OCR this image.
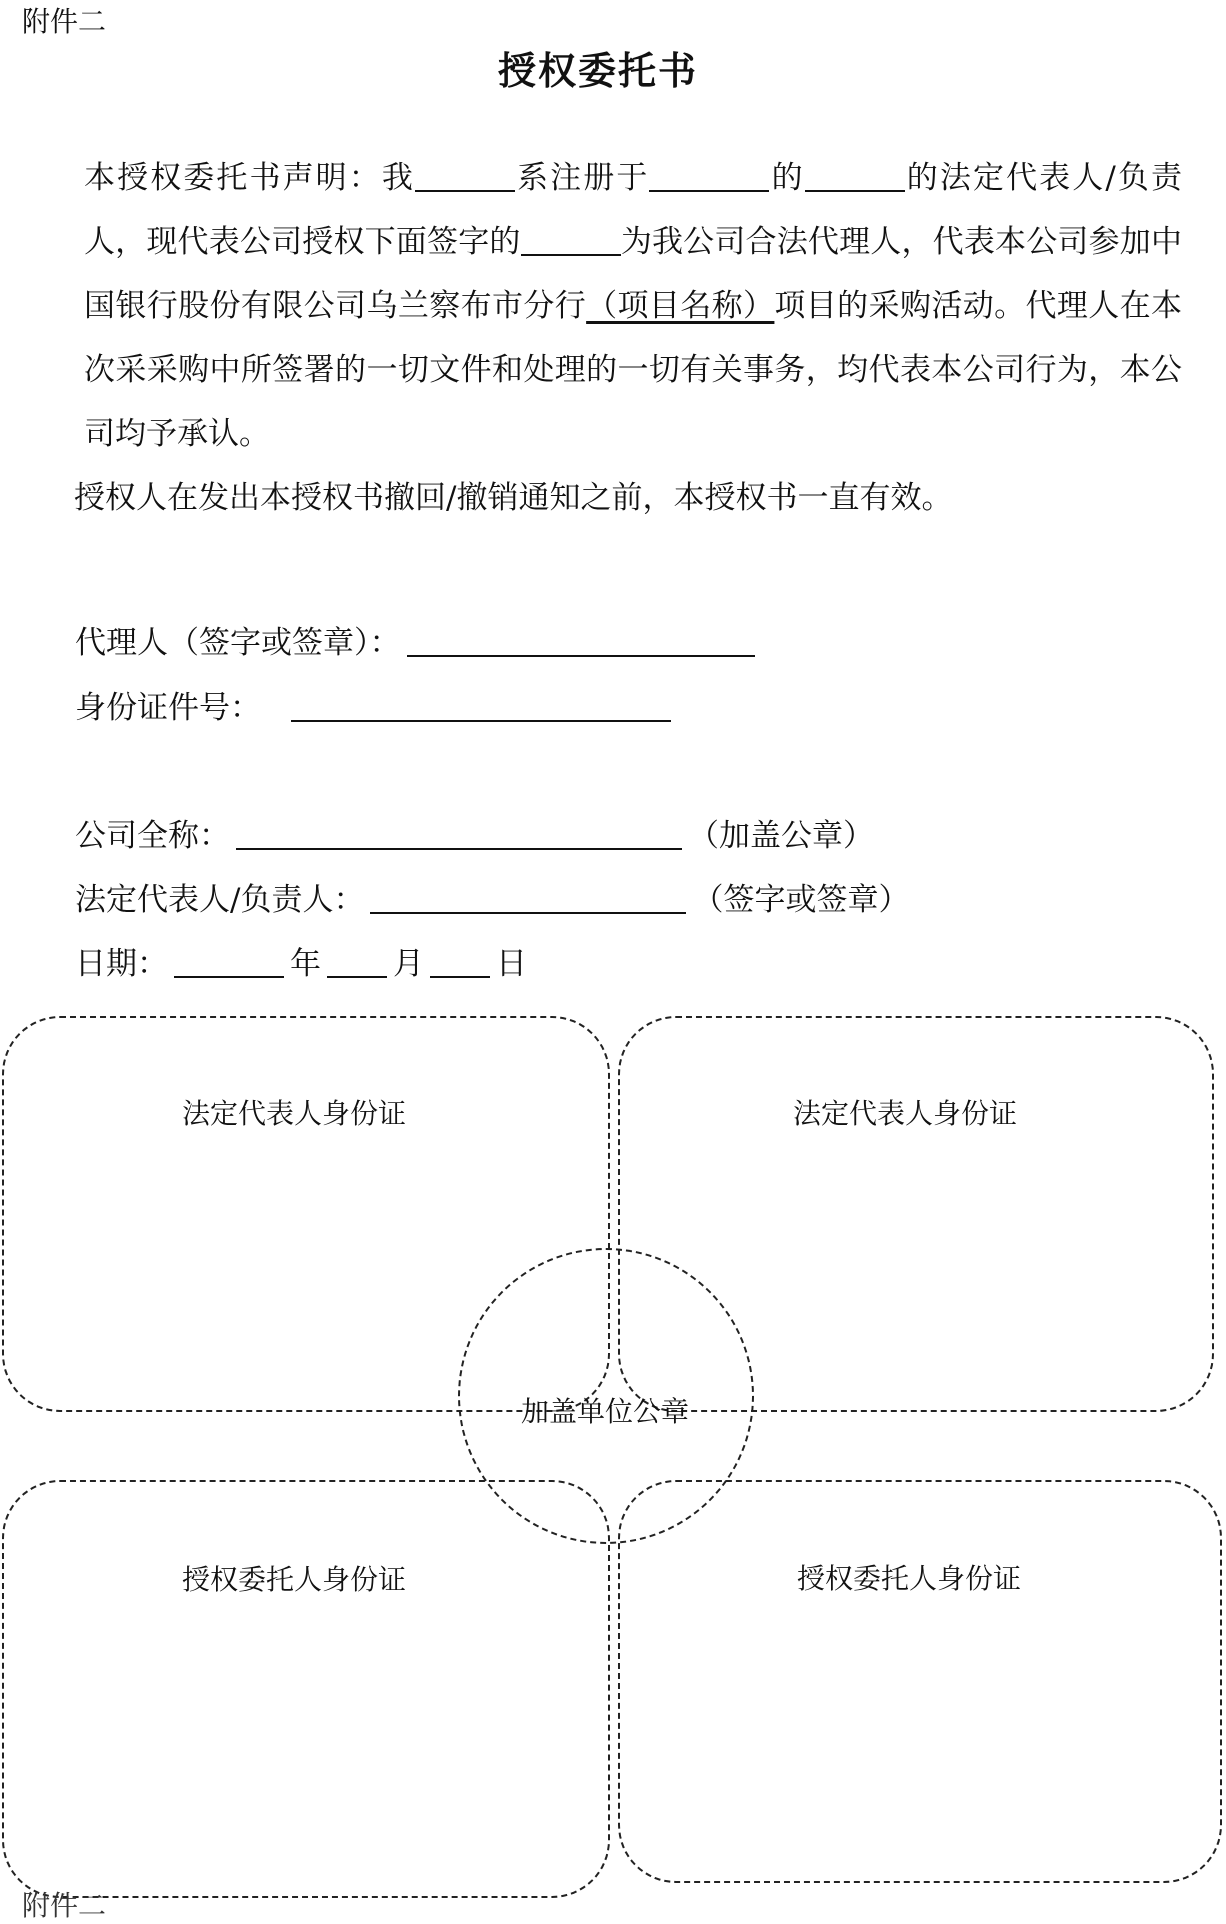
附件二
授权委托书

本授权委托书声明：我	系注册于	的	的法定代表人/负责人，现代表公司授权下面签字的	为我公司合法代理人，代表本公司参加中国银行股份有限公司乌兰察布市分行（项目名称）项目的采购活动。代理人在本次采采购中所签署的一切文件和处理的一切有关事务，均代表本公司行为，本公司均予承认。

授权人在发出本授权书撤回/撤销通知之前，本授权书一直有效。

代理人（签字或签章）：
身份证件号：
公司全称：	（加盖公章）
法定代表人/负责人：	（签字或签章）
日期：	年 月 日
法定代表人身份证	法定代表人身份证
授权委托人身份证	授权委托人身份证
加盖单位公章
附件二
